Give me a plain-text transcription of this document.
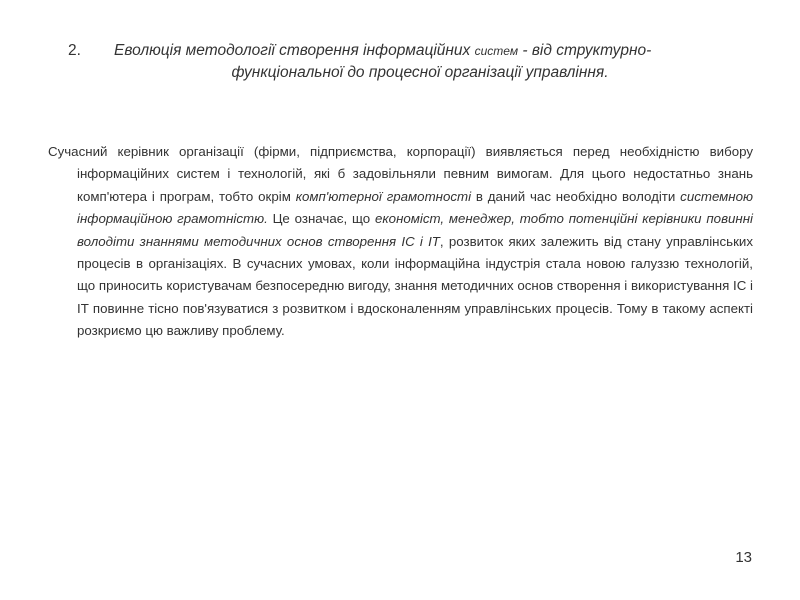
2. Еволюція методології створення інформаційних систем - від структурно-
функціональної до процесної організації управління.
Сучасний керівник організації (фірми, підприємства, корпорації) виявляється перед необхідністю вибору інформаційних систем і технологій, які б задовільняли певним вимогам. Для цього недостатньо знань комп'ютера і програм, тобто окрім комп'ютерної грамотності в даний час необхідно володіти системною інформаційною грамотністю. Це означає, що економіст, менеджер, тобто потенційні керівники повинні володіти знаннями методичних основ створення ІС і ІТ, розвиток яких залежить від стану управлінських процесів в організаціях. В сучасних умовах, коли інформаційна індустрія стала новою галуззю технологій, що приносить користувачам безпосередню вигоду, знання методичних основ створення і використування ІС і ІТ повинне тісно пов'язуватися з розвитком і вдосконаленням управлінських процесів. Тому в такому аспекті розкриємо цю важливу проблему.
13
